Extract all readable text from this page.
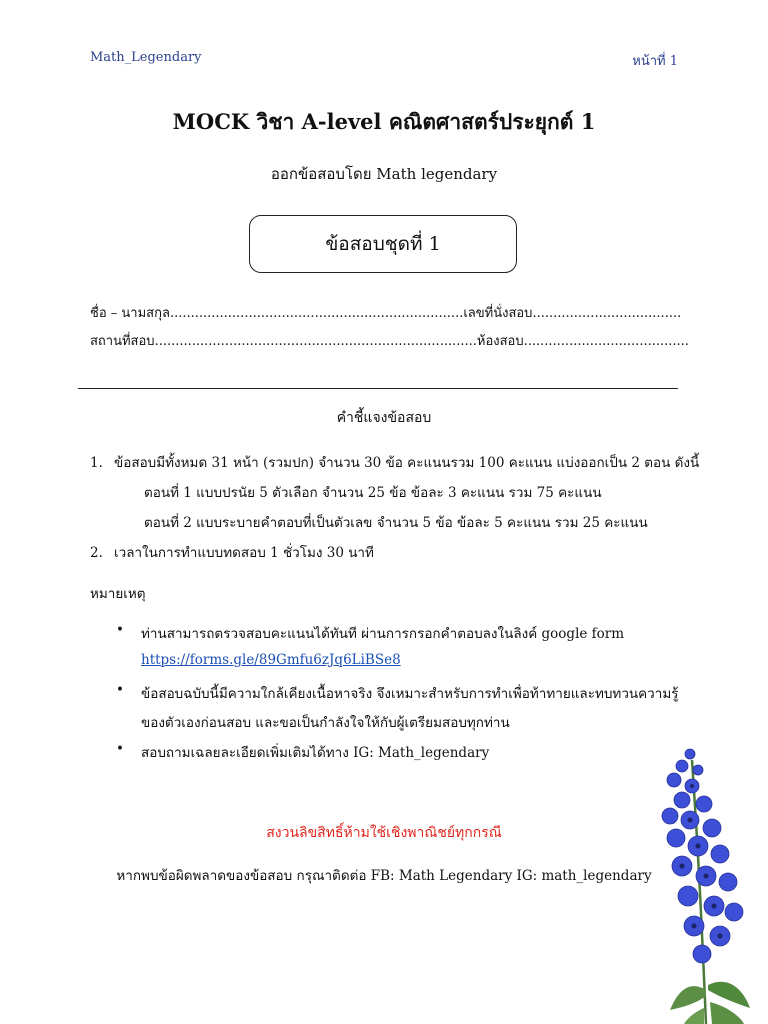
Math_Legendary	หน้าที่ 1
MOCK วิชา A-level คณิตศาสตร์ประยุกต์ 1
ออกข้อสอบโดย Math legendary
ข้อสอบชุดที่ 1
ชื่อ – นามสกุล.......................................................................เลขที่นั่งสอบ....................................
สถานที่สอบ..............................................................................ห้องสอบ........................................
คำชี้แจงข้อสอบ
1. ข้อสอบมีทั้งหมด 31 หน้า (รวมปก) จำนวน 30 ข้อ คะแนนรวม 100 คะแนน แบ่งออกเป็น 2 ตอน ดังนี้
ตอนที่ 1 แบบปรนัย 5 ตัวเลือก จำนวน 25 ข้อ ข้อละ 3 คะแนน รวม 75 คะแนน
ตอนที่ 2 แบบระบายคำตอบที่เป็นตัวเลข จำนวน 5 ข้อ ข้อละ 5 คะแนน รวม 25 คะแนน
2. เวลาในการทำแบบทดสอบ 1 ชั่วโมง 30 นาที
หมายเหตุ
• ท่านสามารถตรวจสอบคะแนนได้ทันที ผ่านการกรอกคำตอบลงในลิงค์ google form
https://forms.gle/89Gmfu6zJq6LiBSe8
• ข้อสอบฉบับนี้มีความใกล้เคียงเนื้อหาจริง จึงเหมาะสำหรับการทำเพื่อท้าทายและทบทวนความรู้
ของตัวเองก่อนสอบ และขอเป็นกำลังใจให้กับผู้เตรียมสอบทุกท่าน
• สอบถามเฉลยละเอียดเพิ่มเติมได้ทาง IG: Math_legendary
สงวนลิขสิทธิ์ห้ามใช้เชิงพาณิชย์ทุกกรณี
หากพบข้อผิดพลาดของข้อสอบ กรุณาติดต่อ FB: Math Legendary IG: math_legendary
